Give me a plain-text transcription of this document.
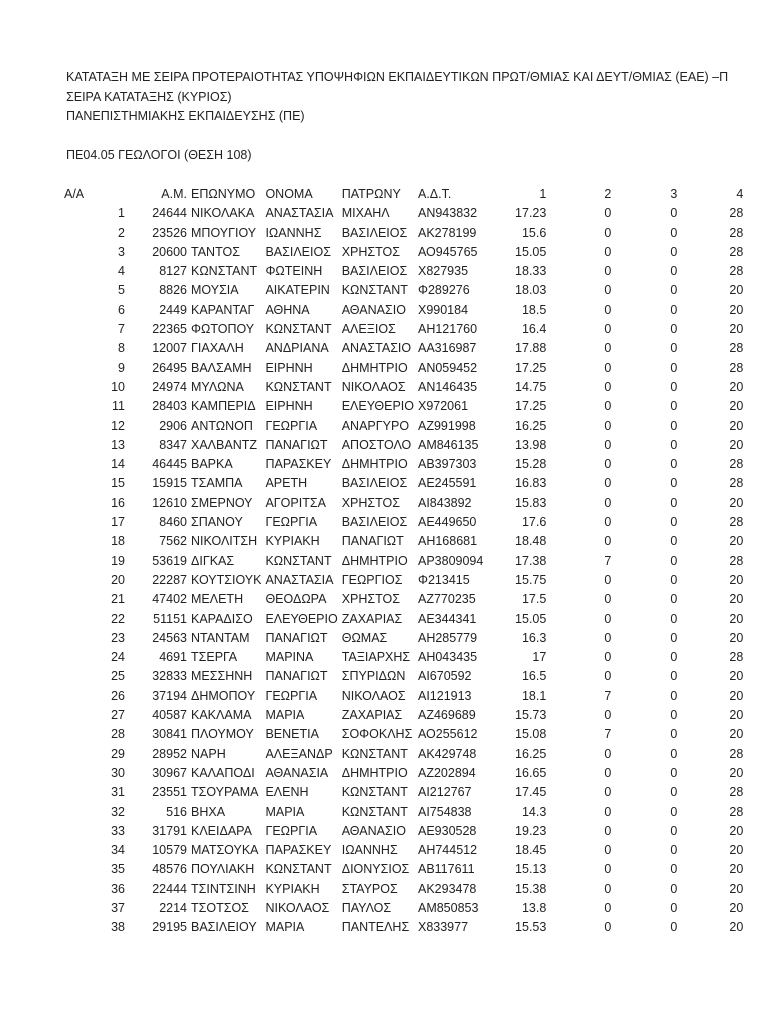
ΚΑΤΑΤΑΞΗ ΜΕ ΣΕΙΡΑ ΠΡΟΤΕΡΑΙΟΤΗΤΑΣ ΥΠΟΨΗΦΙΩΝ ΕΚΠΑΙΔΕΥΤΙΚΩΝ ΠΡΩΤ/ΘΜΙΑΣ ΚΑΙ ΔΕΥΤ/ΘΜΙΑΣ (ΕΑΕ) –Π
ΣΕΙΡΑ ΚΑΤΑΤΑΞΗΣ (ΚΥΡΙΟΣ)
ΠΑΝΕΠΙΣΤΗΜΙΑΚΗΣ ΕΚΠΑΙΔΕΥΣΗΣ (ΠΕ)
ΠΕ04.05 ΓΕΩΛΟΓΟΙ (ΘΕΣΗ 108)
Α/Α	Α.Μ.	ΕΠΩΝΥΜΟ	ΟΝΟΜΑ	ΠΑΤΡΩΝΥ	Α.Δ.Τ.	1	2	3	4
1	24644	ΝΙΚΟΛΑΚΑ	ΑΝΑΣΤΑΣΙΑ	ΜΙΧΑΗΛ	ΑΝ943832	17.23	0	0	28
2	23526	ΜΠΟΥΓΙΟΥ	ΙΩΑΝΝΗΣ	ΒΑΣΙΛΕΙΟΣ	ΑΚ278199	15.6	0	0	28
3	20600	ΤΑΝΤΟΣ	ΒΑΣΙΛΕΙΟΣ	ΧΡΗΣΤΟΣ	ΑΟ945765	15.05	0	0	28
4	8127	ΚΩΝΣΤΑΝΤ	ΦΩΤΕΙΝΗ	ΒΑΣΙΛΕΙΟΣ	Χ827935	18.33	0	0	28
5	8826	ΜΟΥΣΙΑ	ΑΙΚΑΤΕΡΙΝ	ΚΩΝΣΤΑΝΤ	Φ289276	18.03	0	0	20
6	2449	ΚΑΡΑΝΤΑΓ	ΑΘΗΝΑ	ΑΘΑΝΑΣΙΟ	Χ990184	18.5	0	0	20
7	22365	ΦΩΤΟΠΟΥ	ΚΩΝΣΤΑΝΤ	ΑΛΕΞΙΟΣ	ΑΗ121760	16.4	0	0	20
8	12007	ΓΙΑΧΑΛΗ	ΑΝΔΡΙΑΝΑ	ΑΝΑΣΤΑΣΙΟ	ΑΑ316987	17.88	0	0	28
9	26495	ΒΑΛΣΑΜΗ	ΕΙΡΗΝΗ	ΔΗΜΗΤΡΙΟ	ΑΝ059452	17.25	0	0	28
10	24974	ΜΥΛΩΝΑ	ΚΩΝΣΤΑΝΤ	ΝΙΚΟΛΑΟΣ	ΑΝ146435	14.75	0	0	20
11	28403	ΚΑΜΠΕΡΙΔ	ΕΙΡΗΝΗ	ΕΛΕΥΘΕΡΙΟ	Χ972061	17.25	0	0	20
12	2906	ΑΝΤΩΝΟΠ	ΓΕΩΡΓΙΑ	ΑΝΑΡΓΥΡΟ	ΑΖ991998	16.25	0	0	20
13	8347	ΧΑΛΒΑΝΤΖ	ΠΑΝΑΓΙΩΤ	ΑΠΟΣΤΟΛΟ	ΑΜ846135	13.98	0	0	20
14	46445	ΒΑΡΚΑ	ΠΑΡΑΣΚΕΥ	ΔΗΜΗΤΡΙΟ	ΑΒ397303	15.28	0	0	28
15	15915	ΤΣΑΜΠΑ	ΑΡΕΤΗ	ΒΑΣΙΛΕΙΟΣ	ΑΕ245591	16.83	0	0	28
16	12610	ΣΜΕΡΝΟΥ	ΑΓΟΡΙΤΣΑ	ΧΡΗΣΤΟΣ	ΑΙ843892	15.83	0	0	20
17	8460	ΣΠΑΝΟΥ	ΓΕΩΡΓΙΑ	ΒΑΣΙΛΕΙΟΣ	ΑΕ449650	17.6	0	0	28
18	7562	ΝΙΚΟΛΙΤΣΗ	ΚΥΡΙΑΚΗ	ΠΑΝΑΓΙΩΤ	ΑΗ168681	18.48	0	0	20
19	53619	ΔΙΓΚΑΣ	ΚΩΝΣΤΑΝΤ	ΔΗΜΗΤΡΙΟ	ΑΡ3809094	17.38	7	0	28
20	22287	ΚΟΥΤΣΙΟΥΚ	ΑΝΑΣΤΑΣΙΑ	ΓΕΩΡΓΙΟΣ	Φ213415	15.75	0	0	20
21	47402	ΜΕΛΕΤΗ	ΘΕΟΔΩΡΑ	ΧΡΗΣΤΟΣ	ΑΖ770235	17.5	0	0	20
22	51151	ΚΑΡΑΔΙΣΟ	ΕΛΕΥΘΕΡΙΟ	ΖΑΧΑΡΙΑΣ	ΑΕ344341	15.05	0	0	20
23	24563	ΝΤΑΝΤΑΜ	ΠΑΝΑΓΙΩΤ	ΘΩΜΑΣ	ΑΗ285779	16.3	0	0	20
24	4691	ΤΣΕΡΓΑ	ΜΑΡΙΝΑ	ΤΑΞΙΑΡΧΗΣ	ΑΗ043435	17	0	0	28
25	32833	ΜΕΣΣΗΝΗ	ΠΑΝΑΓΙΩΤ	ΣΠΥΡΙΔΩΝ	ΑΙ670592	16.5	0	0	20
26	37194	ΔΗΜΟΠΟΥ	ΓΕΩΡΓΙΑ	ΝΙΚΟΛΑΟΣ	ΑΙ121913	18.1	7	0	20
27	40587	ΚΑΚΛΑΜΑ	ΜΑΡΙΑ	ΖΑΧΑΡΙΑΣ	ΑΖ469689	15.73	0	0	20
28	30841	ΠΛΟΥΜΟΥ	ΒΕΝΕΤΙΑ	ΣΟΦΟΚΛΗΣ	ΑΟ255612	15.08	7	0	20
29	28952	ΝΑΡΗ	ΑΛΕΞΑΝΔΡ	ΚΩΝΣΤΑΝΤ	ΑΚ429748	16.25	0	0	28
30	30967	ΚΑΛΑΠΟΔΙ	ΑΘΑΝΑΣΙΑ	ΔΗΜΗΤΡΙΟ	ΑΖ202894	16.65	0	0	20
31	23551	ΤΣΟΥΡΑΜΑ	ΕΛΕΝΗ	ΚΩΝΣΤΑΝΤ	ΑΙ212767	17.45	0	0	28
32	516	ΒΗΧΑ	ΜΑΡΙΑ	ΚΩΝΣΤΑΝΤ	ΑΙ754838	14.3	0	0	28
33	31791	ΚΛΕΙΔΑΡΑ	ΓΕΩΡΓΙΑ	ΑΘΑΝΑΣΙΟ	ΑΕ930528	19.23	0	0	20
34	10579	ΜΑΤΣΟΥΚΑ	ΠΑΡΑΣΚΕΥ	ΙΩΑΝΝΗΣ	ΑΗ744512	18.45	0	0	20
35	48576	ΠΟΥΛΙΑΚΗ	ΚΩΝΣΤΑΝΤ	ΔΙΟΝΥΣΙΟΣ	ΑΒ117611	15.13	0	0	20
36	22444	ΤΣΙΝΤΣΙΝΗ	ΚΥΡΙΑΚΗ	ΣΤΑΥΡΟΣ	ΑΚ293478	15.38	0	0	20
37	2214	ΤΣΟΤΣΟΣ	ΝΙΚΟΛΑΟΣ	ΠΑΥΛΟΣ	ΑΜ850853	13.8	0	0	20
38	29195	ΒΑΣΙΛΕΙΟΥ	ΜΑΡΙΑ	ΠΑΝΤΕΛΗΣ	Χ833977	15.53	0	0	20
